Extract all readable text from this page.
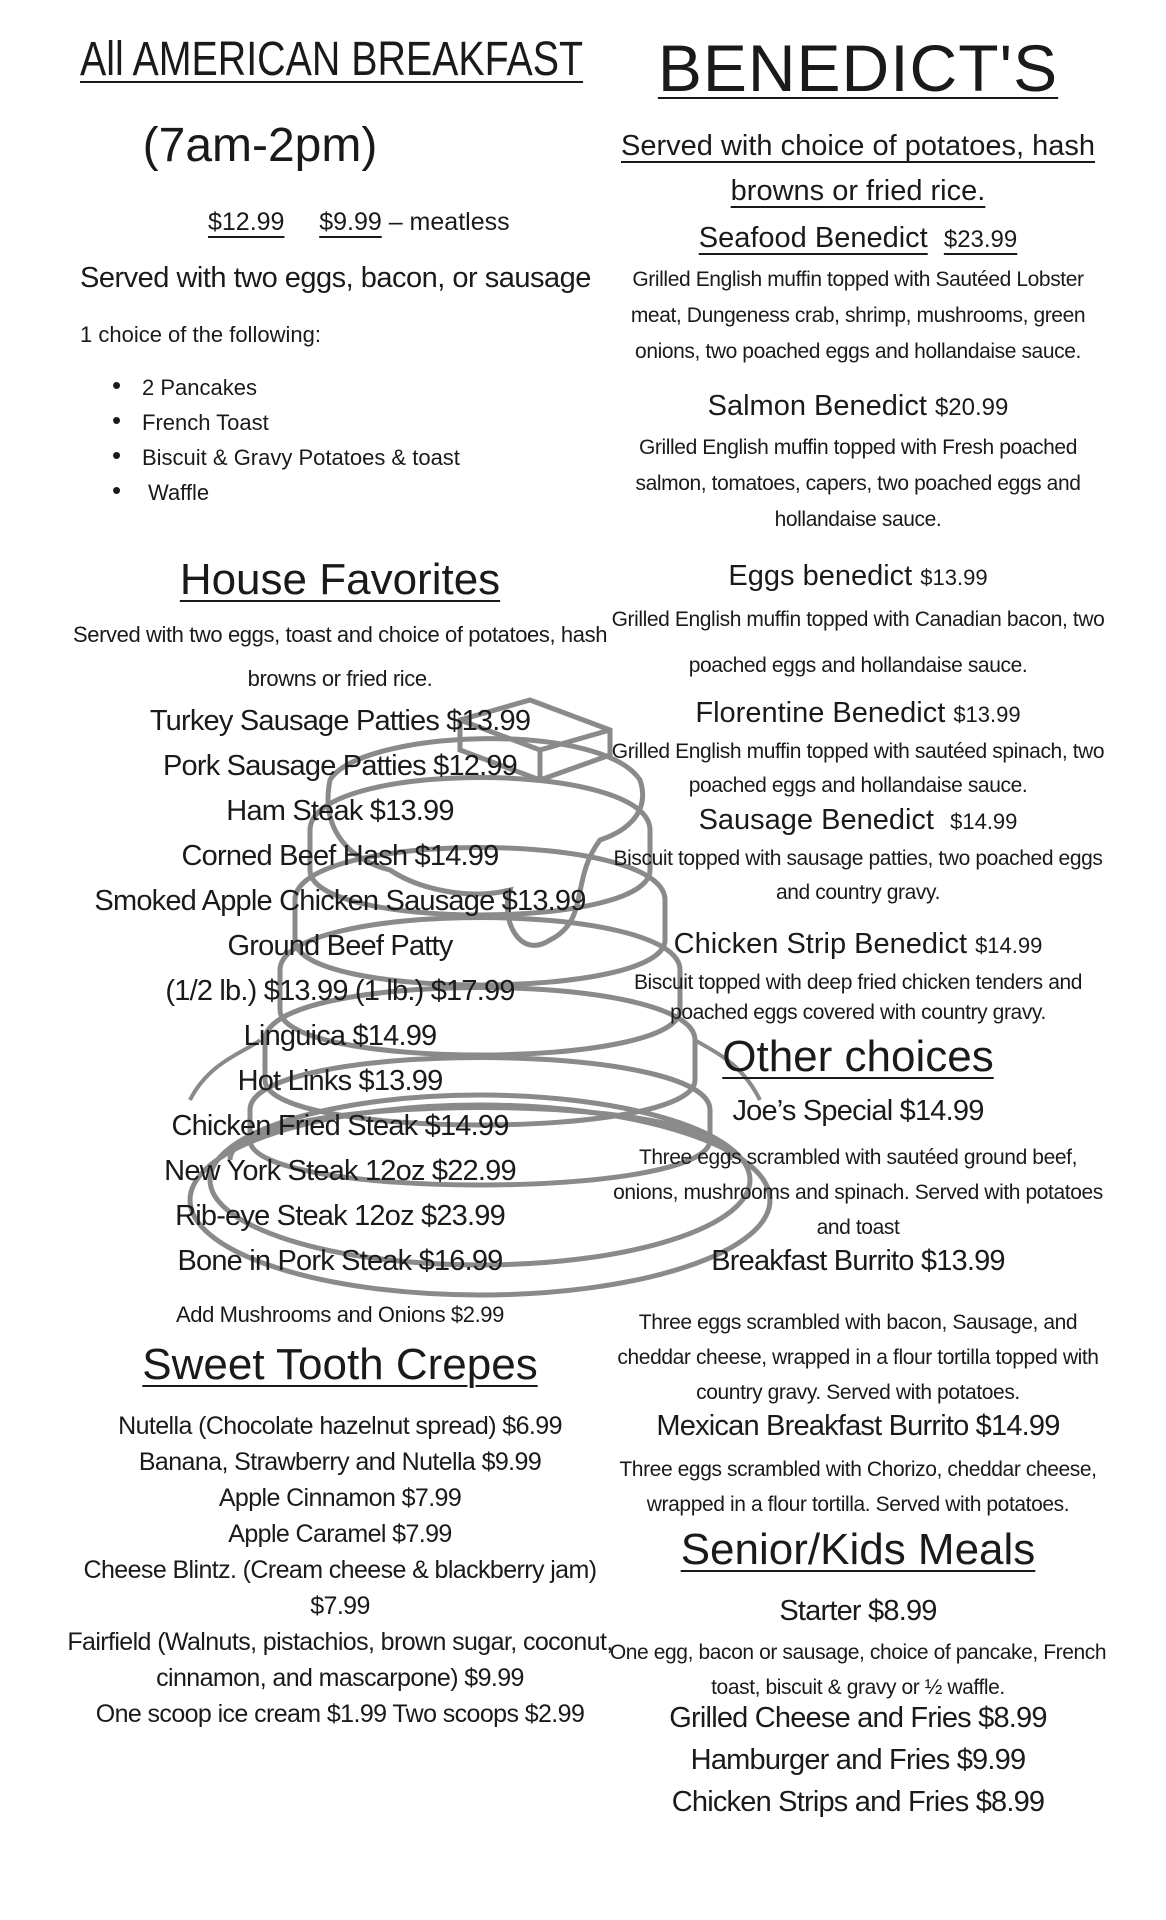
All AMERICAN BREAKFAST
(7am-2pm)
$12.99 $9.99 – meatless
Served with two eggs, bacon, or sausage
1 choice of the following:
• 2 Pancakes
• French Toast
• Biscuit & Gravy Potatoes & toast
• Waffle
House Favorites
Served with two eggs, toast and choice of potatoes, hash
browns or fried rice.
Turkey Sausage Patties $13.99
Pork Sausage Patties $12.99
Ham Steak $13.99
Corned Beef Hash $14.99
Smoked Apple Chicken Sausage $13.99
Ground Beef Patty
(1/2 lb.) $13.99 (1 lb.) $17.99
Linguica $14.99
Hot Links $13.99
Chicken Fried Steak $14.99
New York Steak 12oz $22.99
Rib-eye Steak 12oz $23.99
Bone in Pork Steak $16.99
Add Mushrooms and Onions $2.99
Sweet Tooth Crepes
Nutella (Chocolate hazelnut spread) $6.99
Banana, Strawberry and Nutella $9.99
Apple Cinnamon $7.99
Apple Caramel $7.99
Cheese Blintz. (Cream cheese & blackberry jam)
$7.99
Fairfield (Walnuts, pistachios, brown sugar, coconut,
cinnamon, and mascarpone) $9.99
One scoop ice cream $1.99 Two scoops $2.99
BENEDICT'S
Served with choice of potatoes, hash
browns or fried rice.
Seafood Benedict $23.99
Grilled English muffin topped with Sautéed Lobster meat, Dungeness crab, shrimp, mushrooms, green onions, two poached eggs and hollandaise sauce.
Salmon Benedict $20.99
Grilled English muffin topped with Fresh poached salmon, tomatoes, capers, two poached eggs and hollandaise sauce.
Eggs benedict $13.99
Grilled English muffin topped with Canadian bacon, two
poached eggs and hollandaise sauce.
Florentine Benedict $13.99
Grilled English muffin topped with sautéed spinach, two poached eggs and hollandaise sauce.
Sausage Benedict $14.99
Biscuit topped with sausage patties, two poached eggs and country gravy.
Chicken Strip Benedict $14.99
Biscuit topped with deep fried chicken tenders and poached eggs covered with country gravy.
Other choices
Joe’s Special $14.99
Three eggs scrambled with sautéed ground beef, onions, mushrooms and spinach. Served with potatoes and toast
Breakfast Burrito $13.99
Three eggs scrambled with bacon, Sausage, and cheddar cheese, wrapped in a flour tortilla topped with country gravy. Served with potatoes.
Mexican Breakfast Burrito $14.99
Three eggs scrambled with Chorizo, cheddar cheese, wrapped in a flour tortilla. Served with potatoes.
Senior/Kids Meals
Starter $8.99
One egg, bacon or sausage, choice of pancake, French toast, biscuit & gravy or ½ waffle.
Grilled Cheese and Fries $8.99
Hamburger and Fries $9.99
Chicken Strips and Fries $8.99
